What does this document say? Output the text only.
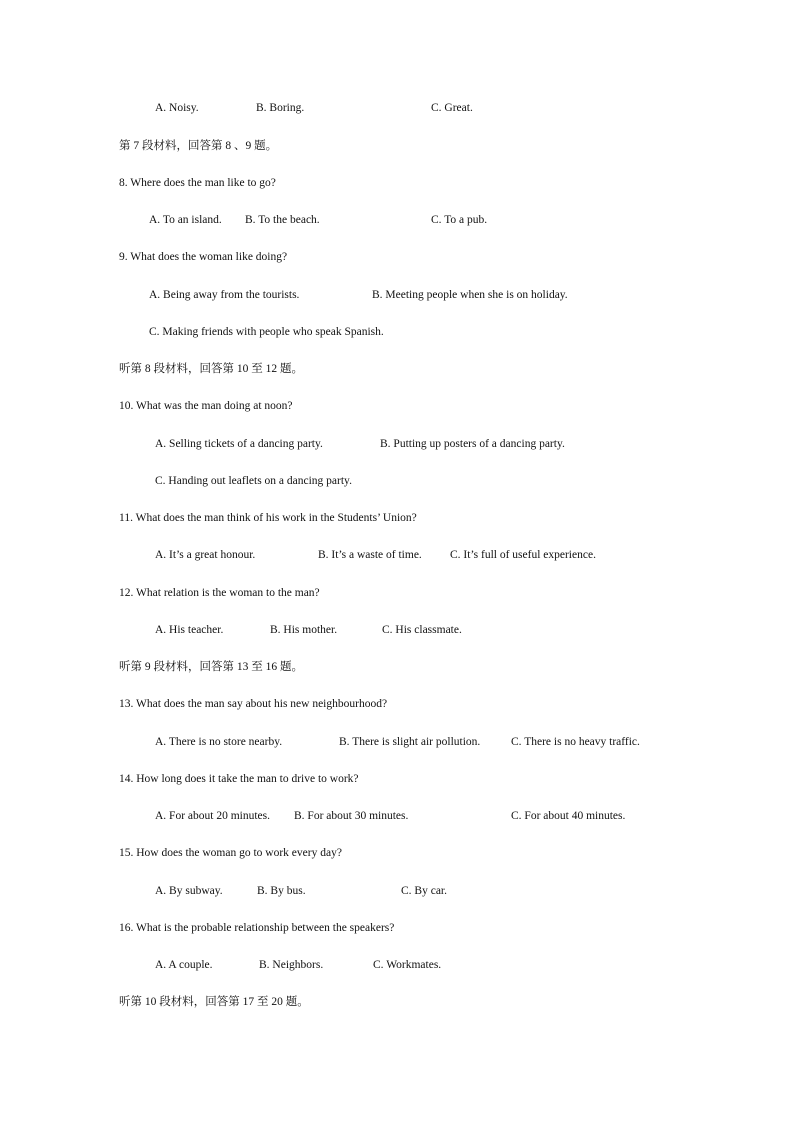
A. Noisy.	B. Boring.	C. Great.
第 7 段材料，回答第 8 、9 题。
8. Where does the man like to go?
A. To an island. B. To the beach.	C. To a pub.
9. What does the woman like doing?
A. Being away from the tourists.	B. Meeting people when she is on holiday.
C. Making friends with people who speak Spanish.
听第 8 段材料，回答第 10 至 12 题。
10. What was the man doing at noon?
A. Selling tickets of a dancing party.	B. Putting up posters of a dancing party.
C. Handing out leaflets on a dancing party.
11. What does the man think of his work in the Students’ Union?
A. It’s a great honour.	B. It’s a waste of time. C. It’s full of useful experience.
12. What relation is the woman to the man?
A. His teacher.	B. His mother.	C. His classmate.
听第 9 段材料，回答第 13 至 16 题。
13. What does the man say about his new neighbourhood?
A. There is no store nearby.	B. There is slight air pollution.	C. There is no heavy traffic.
14. How long does it take the man to drive to work?
A. For about 20 minutes. B. For about 30 minutes.	C. For about 40 minutes.
15. How does the woman go to work every day?
A. By subway.	B. By bus.	C. By car.
16. What is the probable relationship between the speakers?
A. A couple.	B. Neighbors.	C. Workmates.
听第 10 段材料，回答第 17 至 20 题。
